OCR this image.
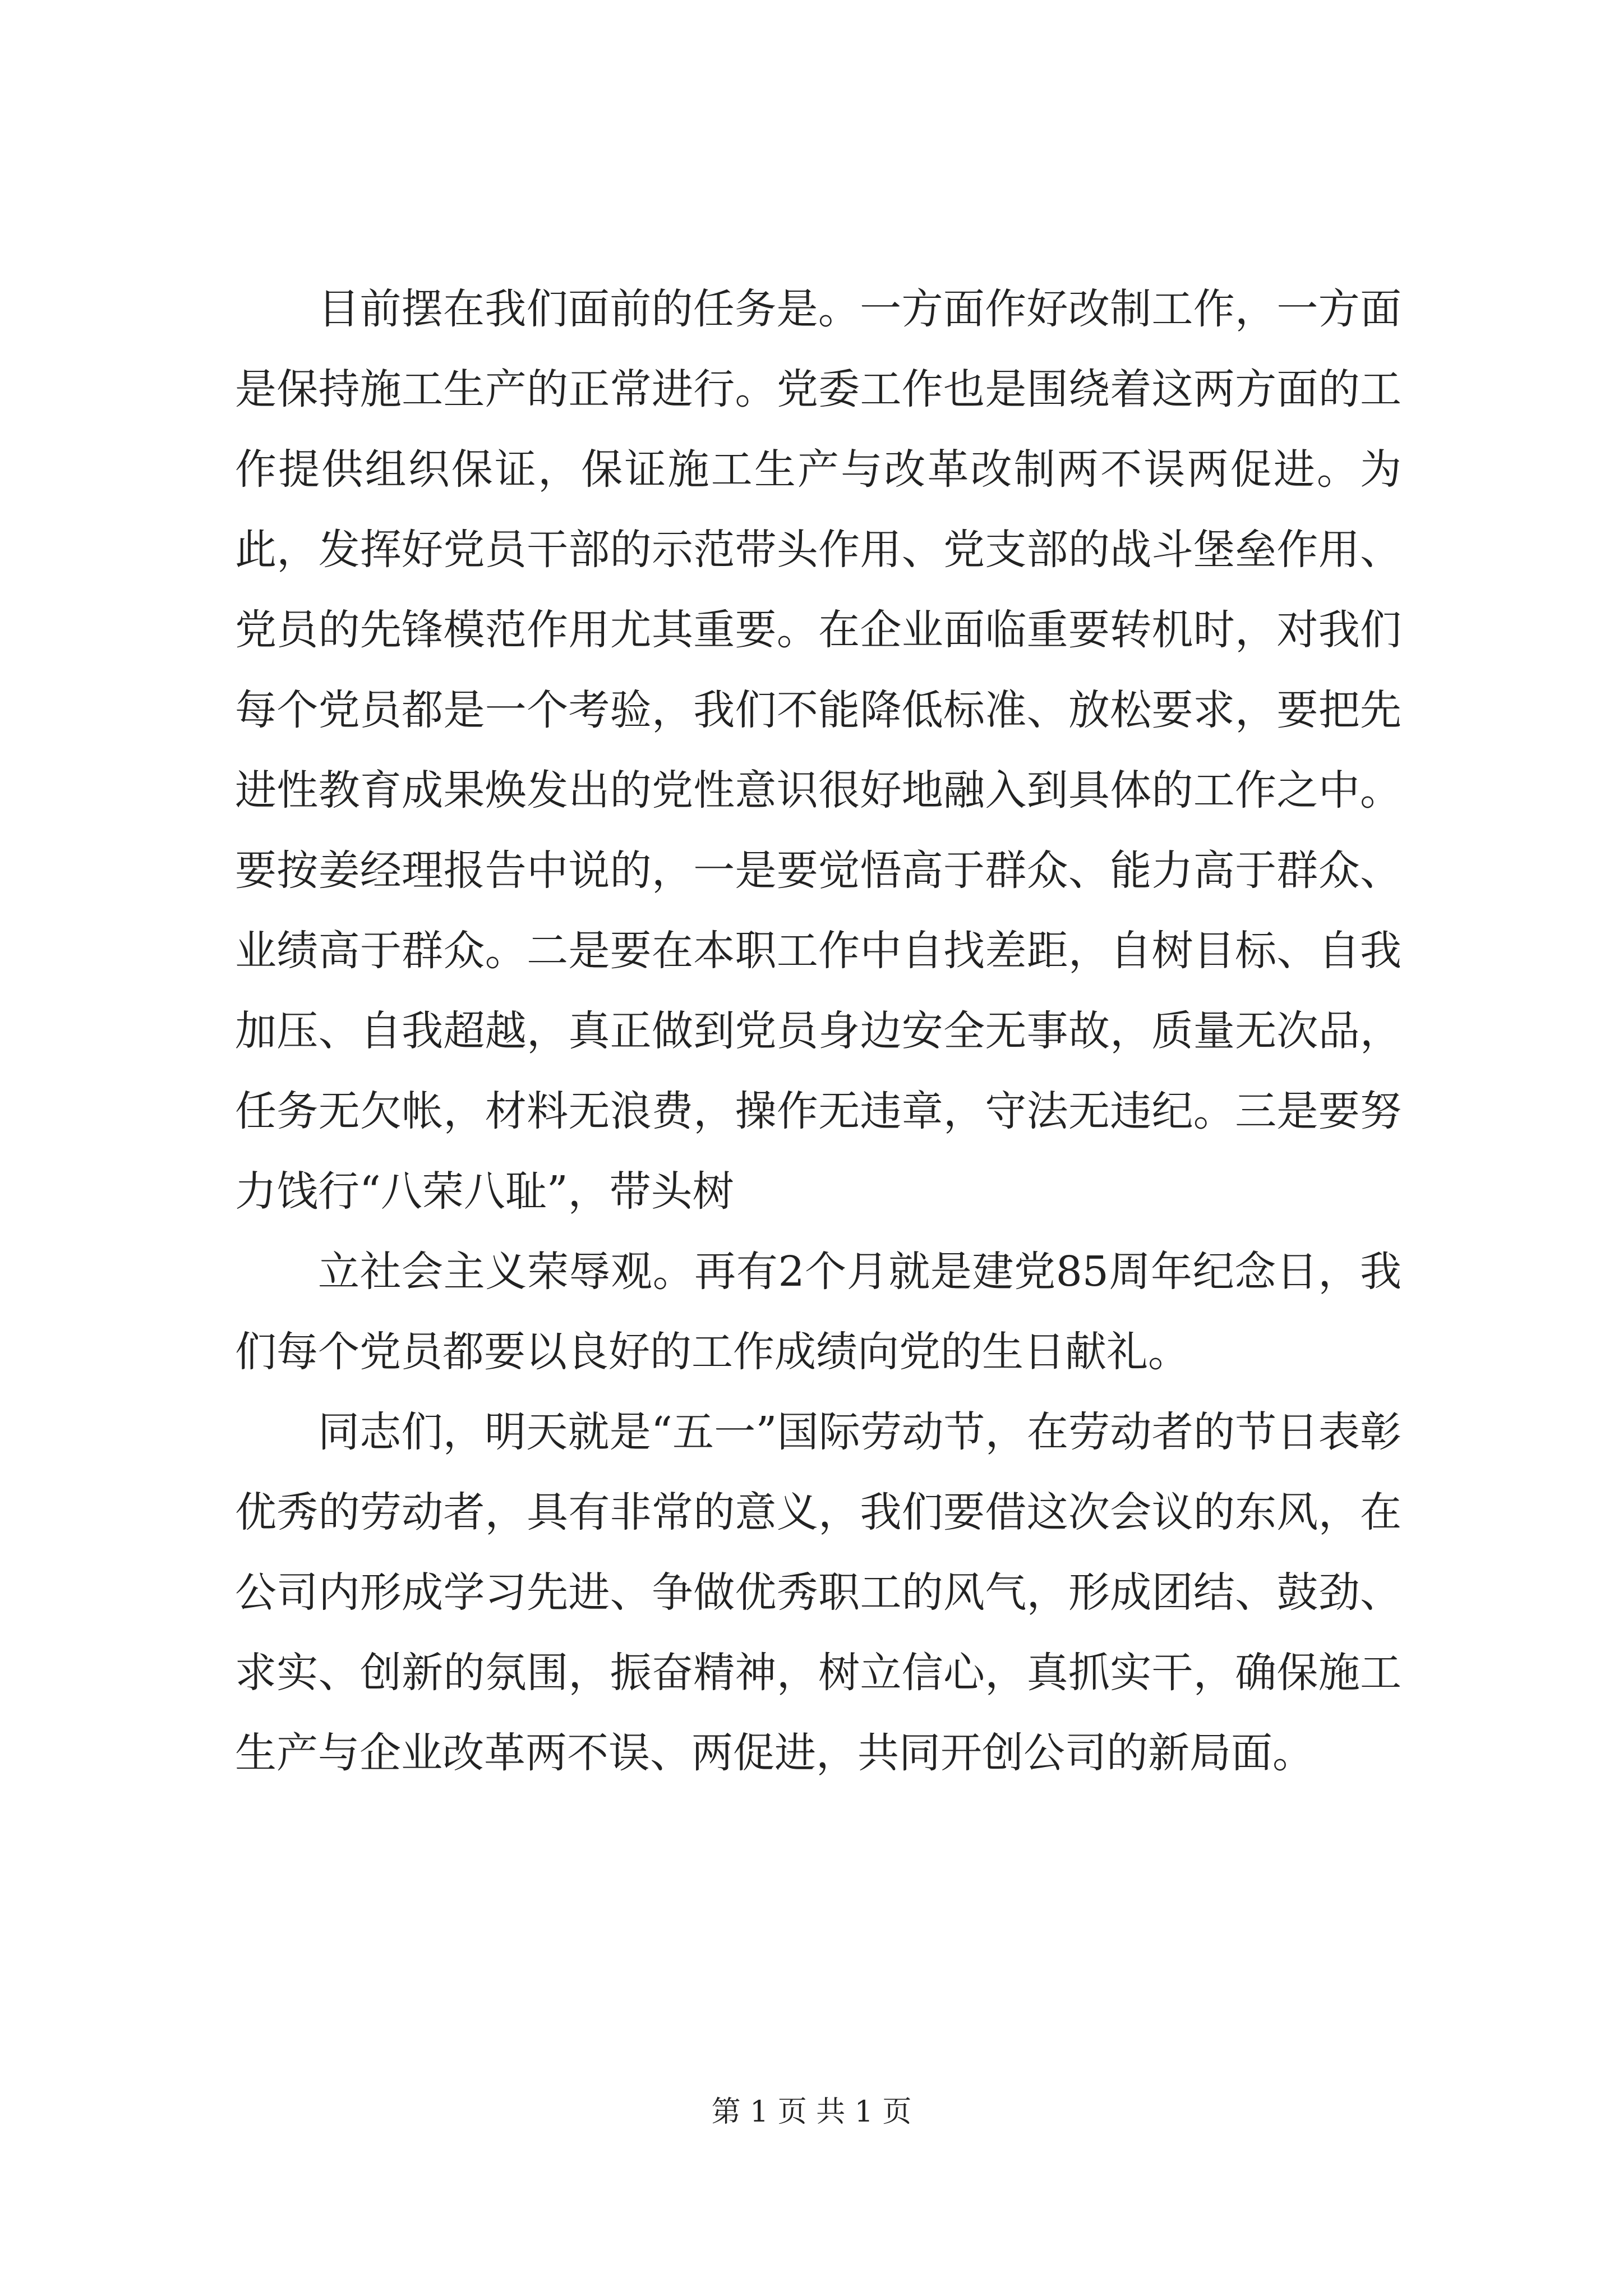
目前摆在我们面前的任务是。一方面作好改制工作，一方面是保持施工生产的正常进行。党委工作也是围绕着这两方面的工作提供组织保证，保证施工生产与改革改制两不误两促进。为此，发挥好党员干部的示范带头作用、党支部的战斗堡垒作用、党员的先锋模范作用尤其重要。在企业面临重要转机时，对我们每个党员都是一个考验，我们不能降低标准、放松要求，要把先进性教育成果焕发出的党性意识很好地融入到具体的工作之中。要按姜经理报告中说的，一是要觉悟高于群众、能力高于群众、业绩高于群众。二是要在本职工作中自找差距，自树目标、自我加压、自我超越，真正做到党员身边安全无事故，质量无次品，任务无欠帐，材料无浪费，操作无违章，守法无违纪。三是要努力饯行“八荣八耻”，带头树

立社会主义荣辱观。再有2个月就是建党85周年纪念日，我们每个党员都要以良好的工作成绩向党的生日献礼。

同志们，明天就是“五一”国际劳动节，在劳动者的节日表彰优秀的劳动者，具有非常的意义，我们要借这次会议的东风，在公司内形成学习先进、争做优秀职工的风气，形成团结、鼓劲、求实、创新的氛围，振奋精神，树立信心，真抓实干，确保施工生产与企业改革两不误、两促进，共同开创公司的新局面。

第 1 页 共 1 页
